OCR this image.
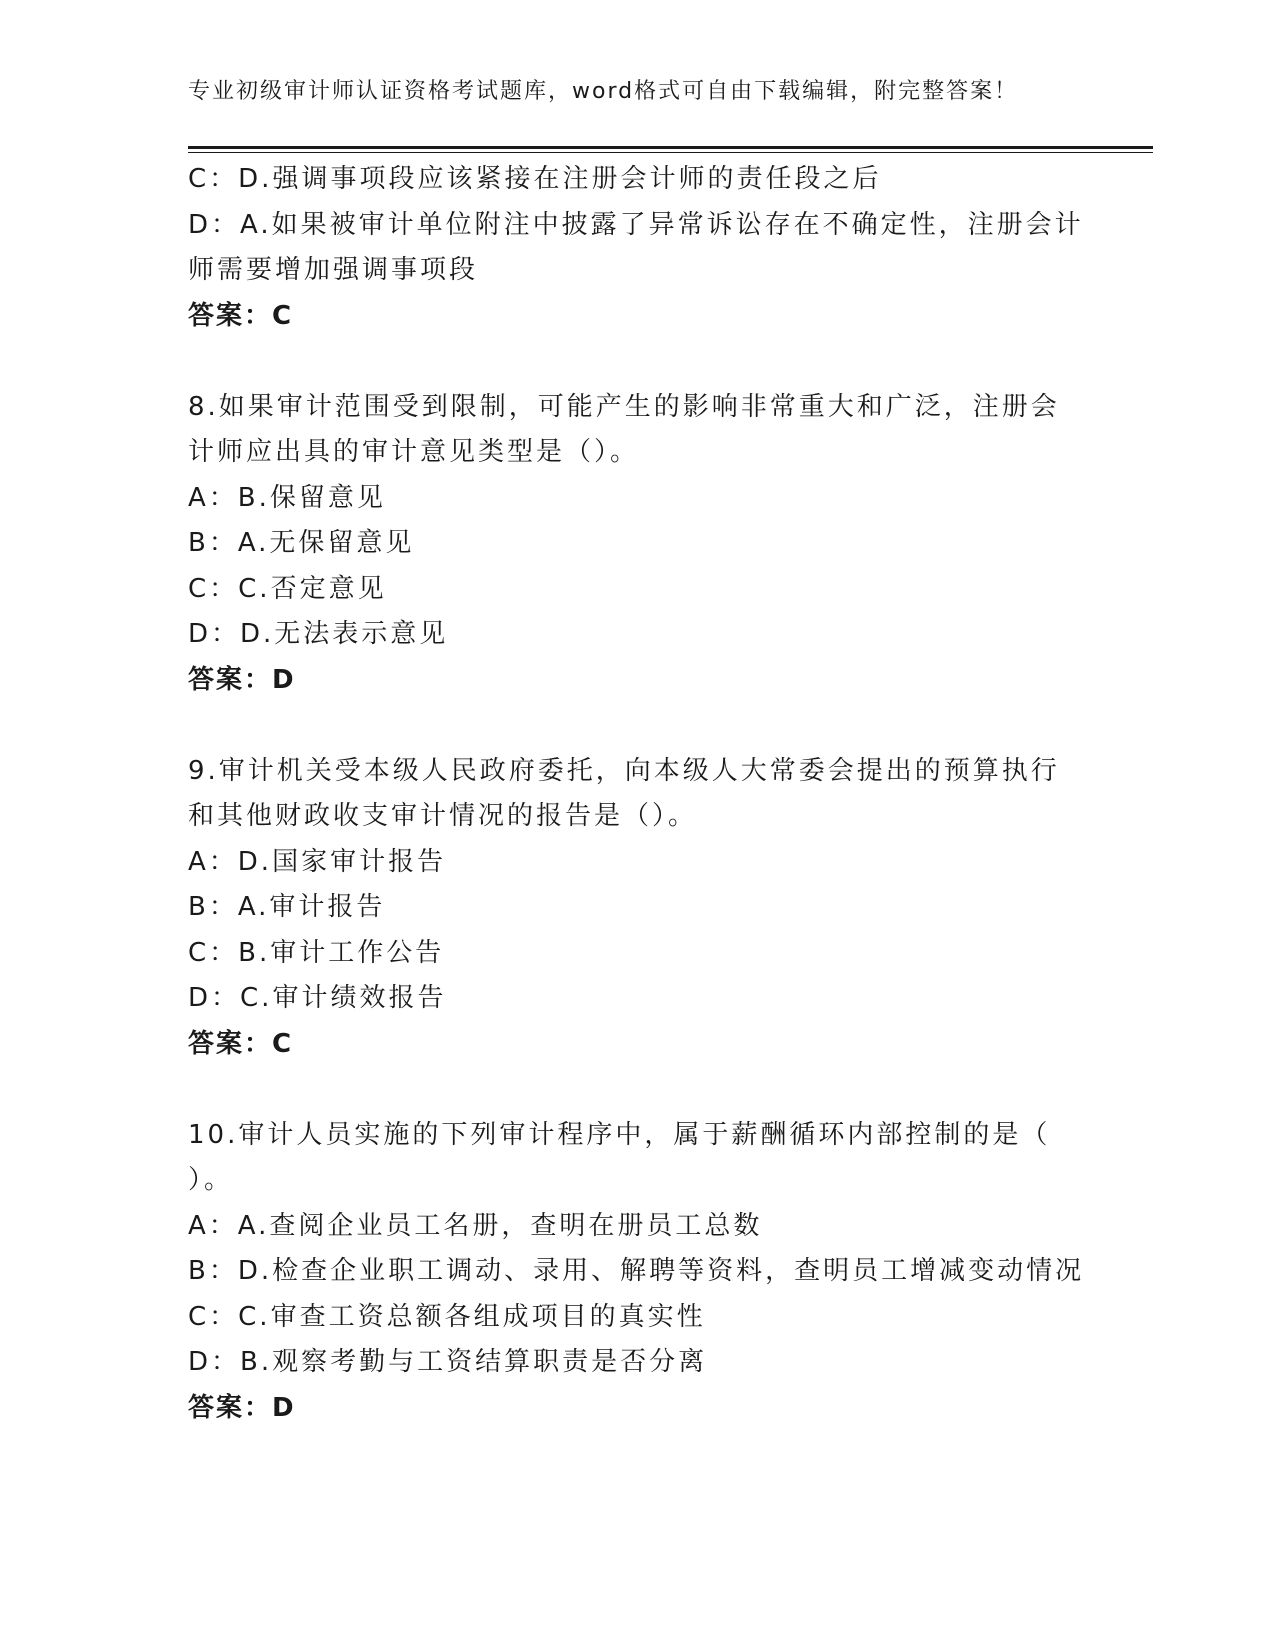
专业初级审计师认证资格考试题库，word格式可自由下载编辑，附完整答案！
C：D.强调事项段应该紧接在注册会计师的责任段之后
D：A.如果被审计单位附注中披露了异常诉讼存在不确定性，注册会计
师需要增加强调事项段
答案：C
8.如果审计范围受到限制，可能产生的影响非常重大和广泛，注册会
计师应出具的审计意见类型是（）。
A：B.保留意见
B：A.无保留意见
C：C.否定意见
D：D.无法表示意见
答案：D
9.审计机关受本级人民政府委托，向本级人大常委会提出的预算执行
和其他财政收支审计情况的报告是（）。
A：D.国家审计报告
B：A.审计报告
C：B.审计工作公告
D：C.审计绩效报告
答案：C
10.审计人员实施的下列审计程序中，属于薪酬循环内部控制的是（
）。
A：A.查阅企业员工名册，查明在册员工总数
B：D.检查企业职工调动、录用、解聘等资料，查明员工增减变动情况
C：C.审查工资总额各组成项目的真实性
D：B.观察考勤与工资结算职责是否分离
答案：D
